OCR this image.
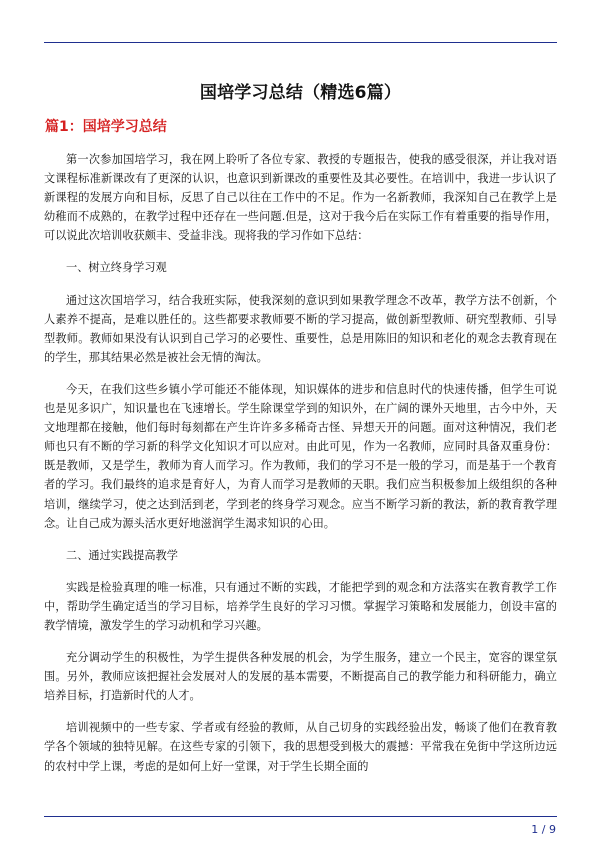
国培学习总结（精选6篇）
篇1：国培学习总结

第一次参加国培学习，我在网上聆听了各位专家、教授的专题报告，使我的感受很深，并让我对语文课程标准新课改有了更深的认识，也意识到新课改的重要性及其必要性。在培训中，我进一步认识了新课程的发展方向和目标，反思了自己以往在工作中的不足。作为一名新教师，我深知自己在教学上是幼稚而不成熟的，在教学过程中还存在一些问题.但是，这对于我今后在实际工作有着重要的指导作用，可以说此次培训收获颇丰、受益非浅。现将我的学习作如下总结：

一、树立终身学习观

通过这次国培学习，结合我班实际，使我深刻的意识到如果教学理念不改革，教学方法不创新，个人素养不提高，是难以胜任的。这些都要求教师要不断的学习提高，做创新型教师、研究型教师、引导型教师。教师如果没有认识到自己学习的必要性、重要性，总是用陈旧的知识和老化的观念去教育现在的学生，那其结果必然是被社会无情的淘汰。

今天，在我们这些乡镇小学可能还不能体现，知识媒体的进步和信息时代的快速传播，但学生可说也是见多识广，知识量也在飞速增长。学生除课堂学到的知识外，在广阔的课外天地里，古今中外，天文地理都在接触，他们每时每刻都在产生许许多多稀奇古怪、异想天开的问题。面对这种情况，我们老师也只有不断的学习新的科学文化知识才可以应对。由此可见，作为一名教师，应同时具备双重身份：既是教师，又是学生，教师为育人而学习。作为教师，我们的学习不是一般的学习，而是基于一个教育者的学习。我们最终的追求是育好人，为育人而学习是教师的天职。我们应当积极参加上级组织的各种培训，继续学习，使之达到活到老，学到老的终身学习观念。应当不断学习新的教法，新的教育教学理念。让自己成为源头活水更好地滋润学生渴求知识的心田。

二、通过实践提高教学

实践是检验真理的唯一标准，只有通过不断的实践，才能把学到的观念和方法落实在教育教学工作中，帮助学生确定适当的学习目标，培养学生良好的学习习惯。掌握学习策略和发展能力，创设丰富的教学情境，激发学生的学习动机和学习兴趣。

充分调动学生的积极性，为学生提供各种发展的机会，为学生服务，建立一个民主，宽容的课堂氛围。另外，教师应该把握社会发展对人的发展的基本需要，不断提高自己的教学能力和科研能力，确立培养目标，打造新时代的人才。

培训视频中的一些专家、学者或有经验的教师，从自己切身的实践经验出发，畅谈了他们在教育教学各个领域的独特见解。在这些专家的引领下，我的思想受到极大的震撼：平常我在免街中学这所边远的农村中学上课，考虑的是如何上好一堂课，对于学生长期全面的

1 / 9
